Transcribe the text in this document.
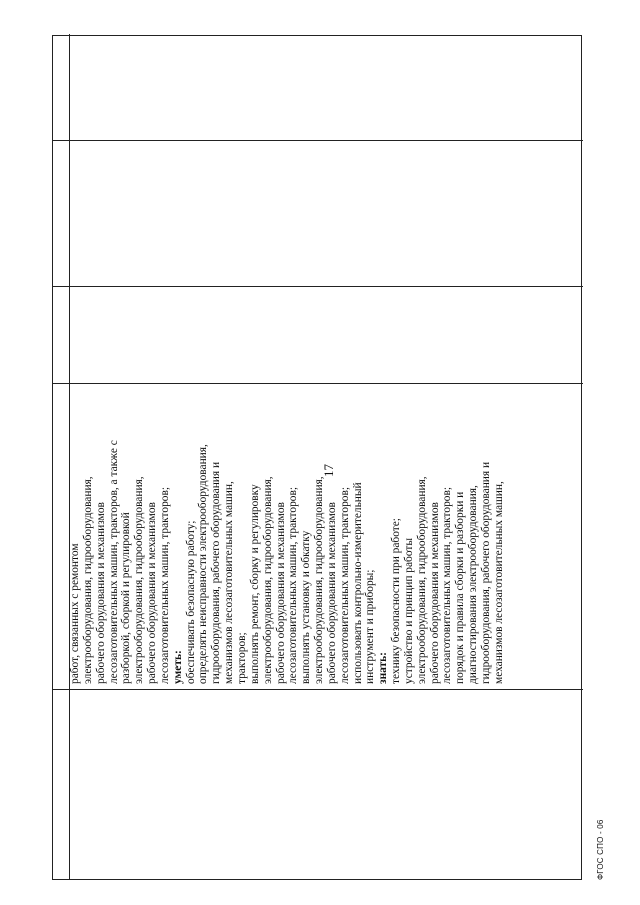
работ, связанных с ремонтом электрооборудования, гидрооборудования, рабочего оборудования и механизмов лесозаготовительных машин, тракторов, а также с разборкой, сборкой и регулировкой электрооборудования, гидрооборудования, рабочего оборудования и механизмов лесозаготовительных машин, тракторов; уметь: обеспечивать безопасную работу; определять неисправности электрооборудования, гидрооборудования, рабочего оборудования и механизмов лесозаготовительных машин, тракторов; выполнять ремонт, сборку и регулировку электрооборудования, гидрооборудования, рабочего оборудования и механизмов лесозаготовительных машин, тракторов; выполнять установку и обкатку электрооборудования, гидрооборудования, рабочего оборудования и механизмов лесозаготовительных машин, тракторов; использовать контрольно-измерительный инструмент и приборы; знать: технику безопасности при работе; устройство и принцип работы электрооборудования, гидрооборудования, рабочего оборудования и механизмов лесозаготовительных машин, тракторов; порядок и правила сборки и разборки и диагностирования электрооборудования, гидрооборудования, рабочего оборудования и механизмов лесозаготовительных машин,
17
ФГОС СПО - 06
